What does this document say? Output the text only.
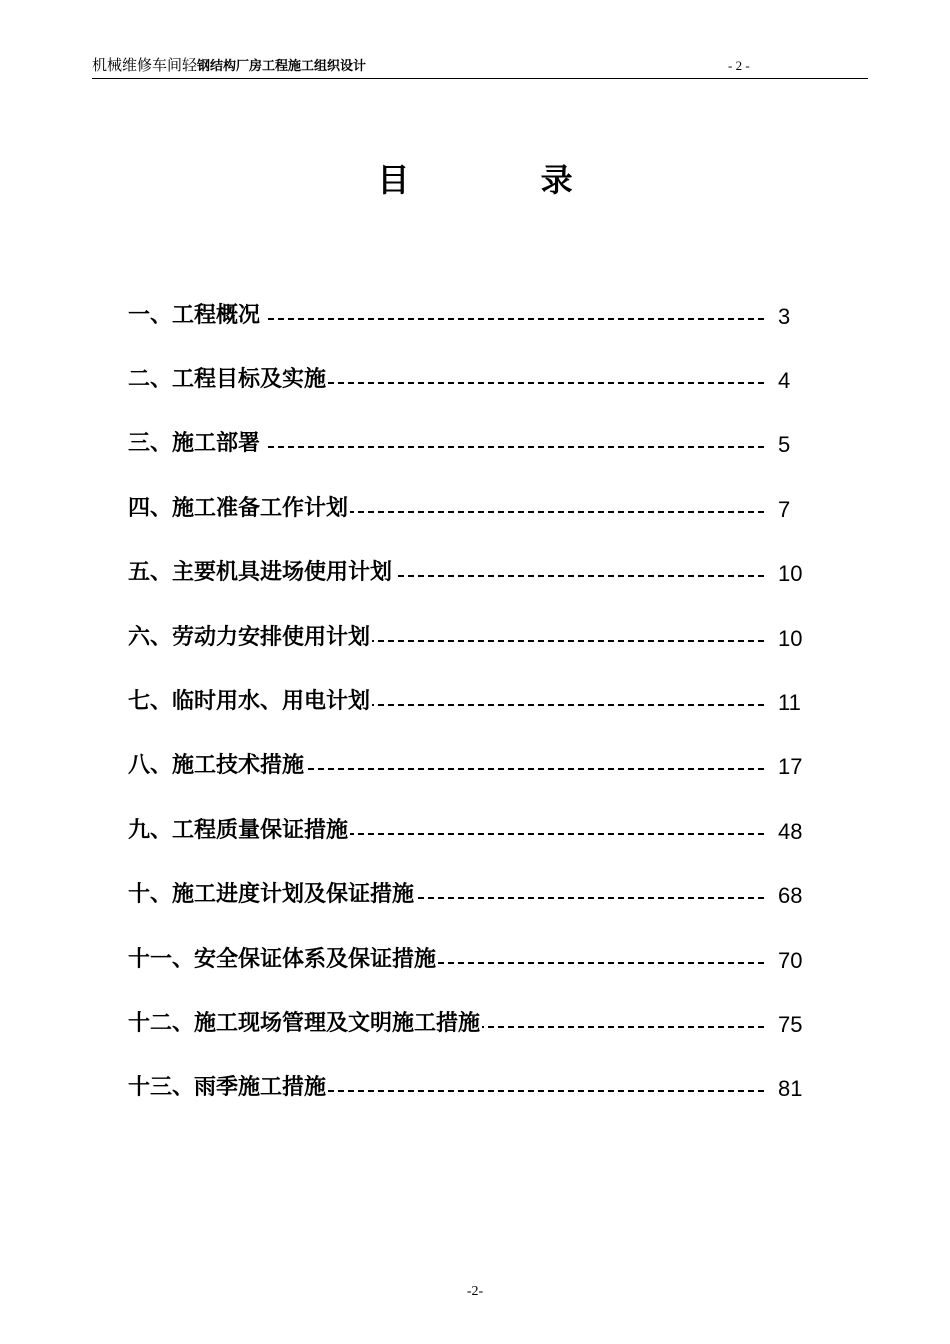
机械维修车间轻钢结构厂房工程施工组织设计	- 2 -
目 录
一、工程概况	3
二、工程目标及实施	4
三、施工部署	5
四、施工准备工作计划	7
五、主要机具进场使用计划	10
六、劳动力安排使用计划	10
七、临时用水、用电计划	11
八、施工技术措施	17
九、工程质量保证措施	48
十、施工进度计划及保证措施	68
十一、安全保证体系及保证措施	70
十二、施工现场管理及文明施工措施	75
十三、雨季施工措施	81
-2-
